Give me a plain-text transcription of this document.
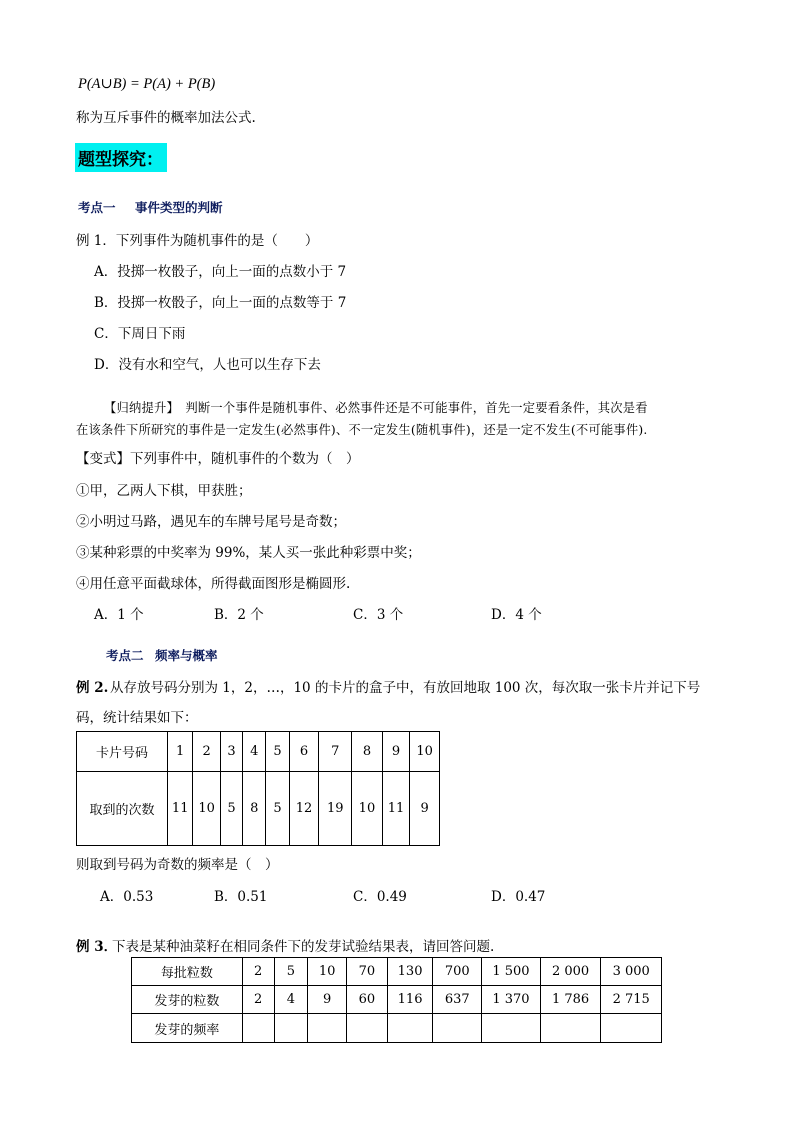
P(A∪B) = P(A) + P(B)
称为互斥事件的概率加法公式.
题型探究：
考点一 事件类型的判断
例 1．下列事件为随机事件的是（　　）
A．投掷一枚骰子，向上一面的点数小于 7
B．投掷一枚骰子，向上一面的点数等于 7
C．下周日下雨
D．没有水和空气，人也可以生存下去
【归纳提升】　判断一个事件是随机事件、必然事件还是不可能事件，首先一定要看条件，其次是看
在该条件下所研究的事件是一定发生(必然事件)、不一定发生(随机事件)，还是一定不发生(不可能事件).
【变式】下列事件中，随机事件的个数为（　）
①甲，乙两人下棋，甲获胜；
②小明过马路，遇见车的车牌号尾号是奇数；
③某种彩票的中奖率为 99%，某人买一张此种彩票中奖；
④用任意平面截球体，所得截面图形是椭圆形.
A．1 个	B．2 个	C．3 个	D．4 个
考点二 频率与概率
例 2. 从存放号码分别为 1，2，…，10 的卡片的盒子中，有放回地取 100 次，每次取一张卡片并记下号
码，统计结果如下：
卡片号码	1	2	3	4	5	6	7	8	9	10
取到的次数	11	10	5	8	5	12	19	10	11	9
则取到号码为奇数的频率是（　）
A．0.53	B．0.51	C．0.49	D．0.47
例 3．
下表是某种油菜籽在相同条件下的发芽试验结果表，请回答问题.
每批粒数	2	5	10	70	130	700	1 500	2 000	3 000
发芽的粒数	2	4	9	60	116	637	1 370	1 786	2 715
发芽的频率									
